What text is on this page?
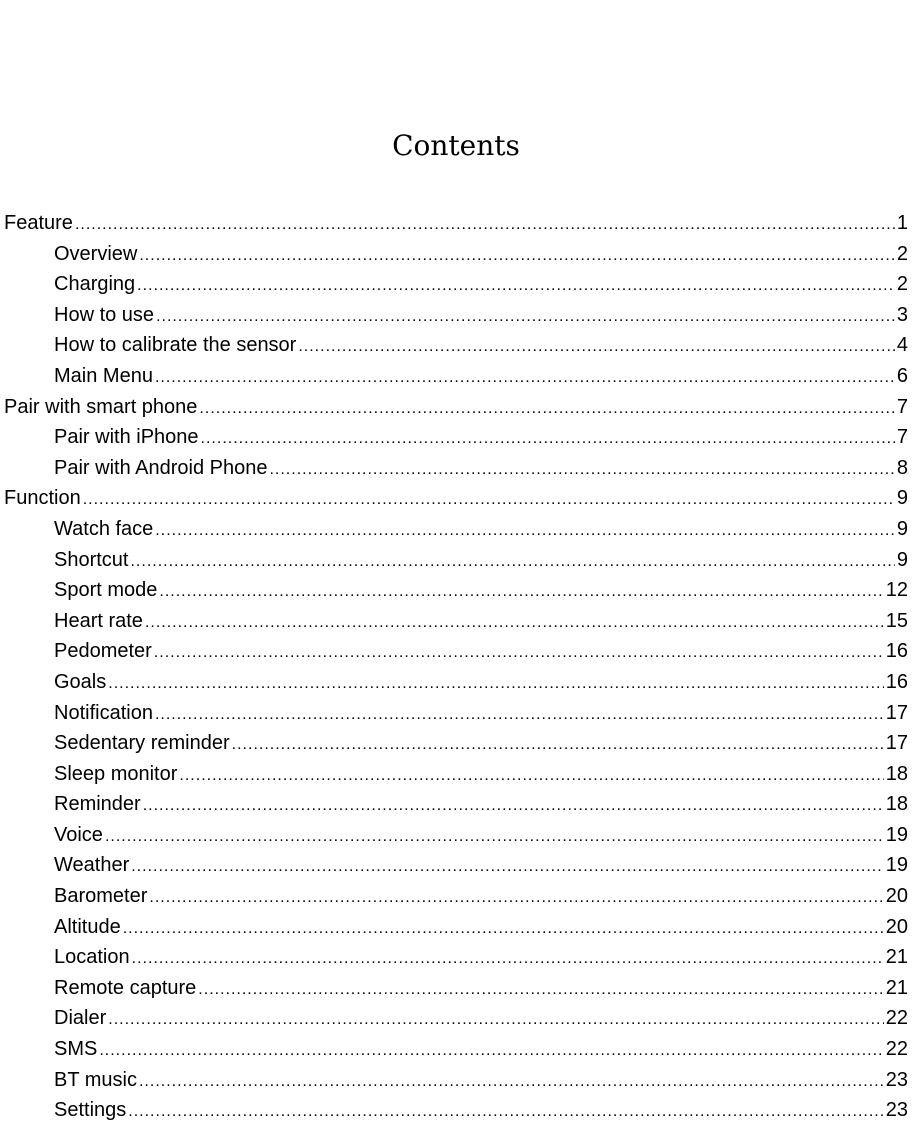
Contents
Feature .....	1
Overview .....	2
Charging .....	2
How to use .....	3
How to calibrate the sensor .....	4
Main Menu .....	6
Pair with smart phone .....	7
Pair with iPhone .....	7
Pair with Android Phone .....	8
Function .....	9
Watch face .....	9
Shortcut .....	9
Sport mode .....	12
Heart rate .....	15
Pedometer .....	16
Goals .....	16
Notification .....	17
Sedentary reminder .....	17
Sleep monitor .....	18
Reminder .....	18
Voice .....	19
Weather .....	19
Barometer .....	20
Altitude .....	20
Location .....	21
Remote capture .....	21
Dialer .....	22
SMS .....	22
BT music .....	23
Settings .....	23
